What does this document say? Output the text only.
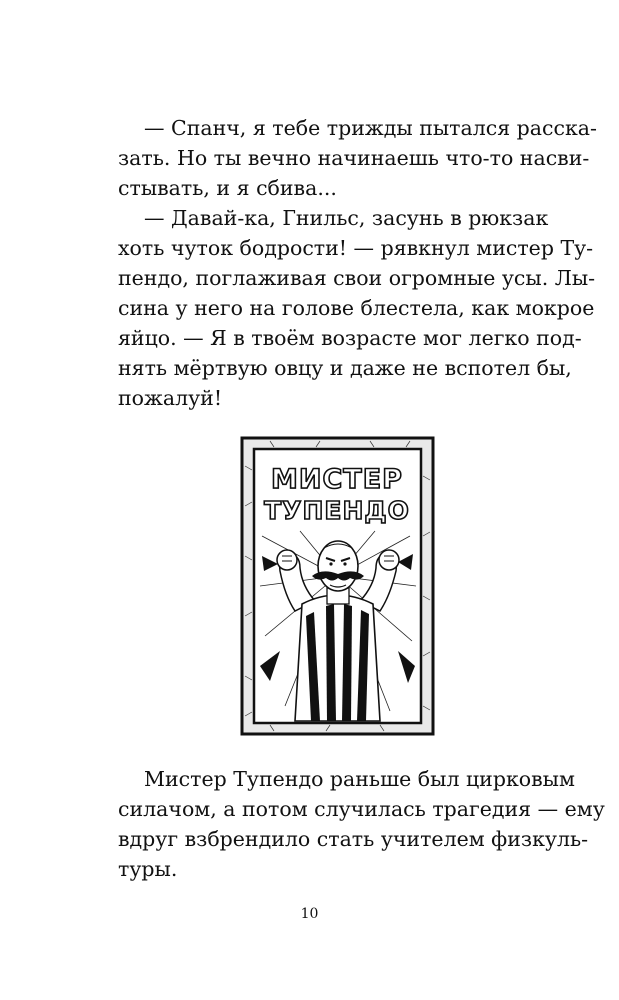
— Спанч, я тебе трижды пытался расска-
зать. Но ты вечно начинаешь что-то насви-
стывать, и я сбива...
— Давай-ка, Гнильс, засунь в рюкзак
хоть чуток бодрости! — рявкнул мистер Ту-
пендо, поглаживая свои огромные усы. Лы-
сина у него на голове блестела, как мокрое
яйцо. — Я в твоём возрасте мог легко под-
нять мёртвую овцу и даже не вспотел бы,
пожалуй!
МИСТЕР
ТУПЕНДО
Мистер Тупендо раньше был цирковым
силачом, а потом случилась трагедия — ему
вдруг взбрендило стать учителем физкуль-
туры.
10
